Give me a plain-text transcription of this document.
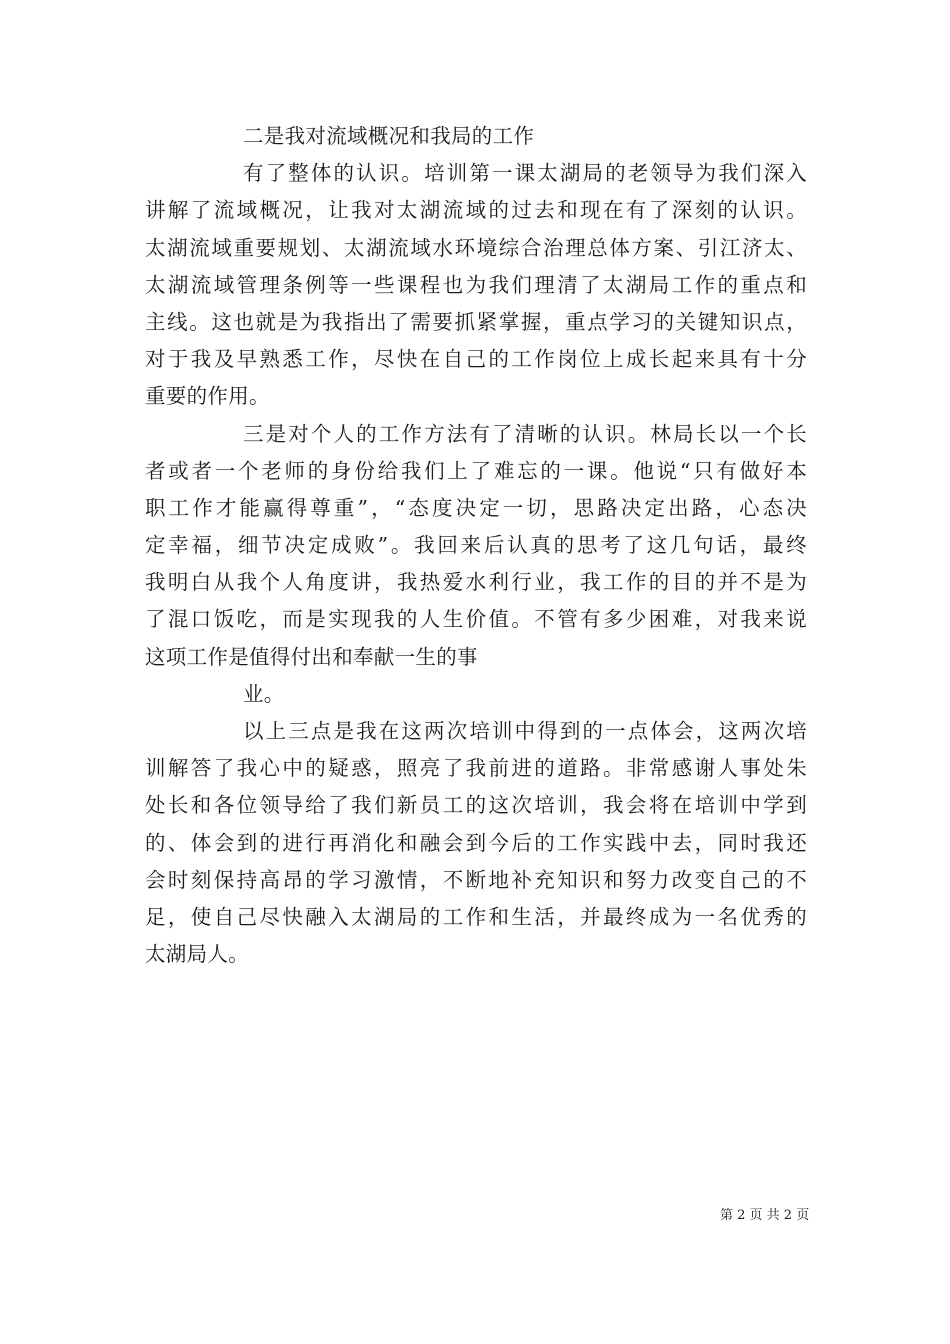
二是我对流域概况和我局的工作
有了整体的认识。培训第一课太湖局的老领导为我们深入
讲解了流域概况，让我对太湖流域的过去和现在有了深刻的认识。
太湖流域重要规划、太湖流域水环境综合治理总体方案、引江济太、
太湖流域管理条例等一些课程也为我们理清了太湖局工作的重点和
主线。这也就是为我指出了需要抓紧掌握，重点学习的关键知识点，
对于我及早熟悉工作，尽快在自己的工作岗位上成长起来具有十分
重要的作用。
三是对个人的工作方法有了清晰的认识。林局长以一个长
者或者一个老师的身份给我们上了难忘的一课。他说“只有做好本
职工作才能赢得尊重”，“态度决定一切，思路决定出路，心态决
定幸福，细节决定成败”。我回来后认真的思考了这几句话，最终
我明白从我个人角度讲，我热爱水利行业，我工作的目的并不是为
了混口饭吃，而是实现我的人生价值。不管有多少困难，对我来说
这项工作是值得付出和奉献一生的事
业。
以上三点是我在这两次培训中得到的一点体会，这两次培
训解答了我心中的疑惑，照亮了我前进的道路。非常感谢人事处朱
处长和各位领导给了我们新员工的这次培训，我会将在培训中学到
的、体会到的进行再消化和融会到今后的工作实践中去，同时我还
会时刻保持高昂的学习激情，不断地补充知识和努力改变自己的不
足，使自己尽快融入太湖局的工作和生活，并最终成为一名优秀的
太湖局人。
第 2 页 共 2 页
